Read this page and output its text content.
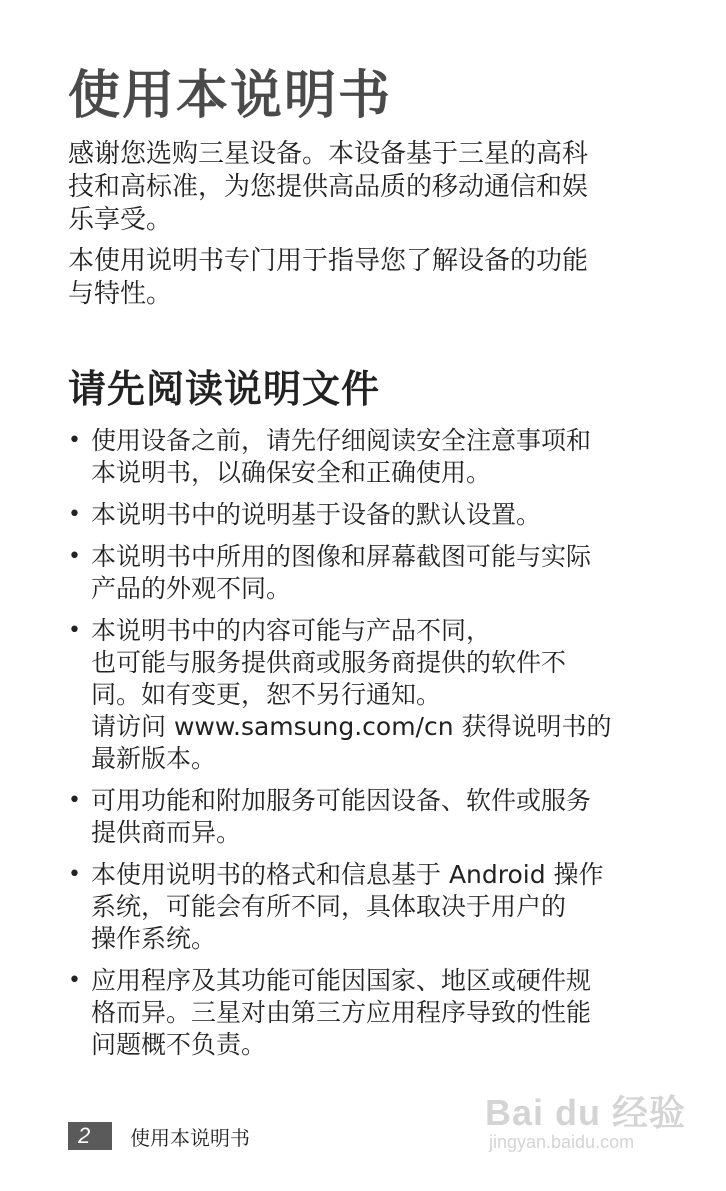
使用本说明书

感谢您选购三星设备。本设备基于三星的高科
技和高标准，为您提供高品质的移动通信和娱
乐享受。

本使用说明书专门用于指导您了解设备的功能
与特性。

请先阅读说明文件
• 使用设备之前，请先仔细阅读安全注意事项和
本说明书，以确保安全和正确使用。
• 本说明书中的说明基于设备的默认设置。
• 本说明书中所用的图像和屏幕截图可能与实际
产品的外观不同。
• 本说明书中的内容可能与产品不同，
也可能与服务提供商或服务商提供的软件不
同。如有变更，恕不另行通知。
请访问 www.samsung.com/cn 获得说明书的
最新版本。
• 可用功能和附加服务可能因设备、软件或服务
提供商而异。
• 本使用说明书的格式和信息基于 Android 操作
系统，可能会有所不同，具体取决于用户的
操作系统。
• 应用程序及其功能可能因国家、地区或硬件规
格而异。三星对由第三方应用程序导致的性能
问题概不负责。
2	使用本说明书
Bai du 经验
jingyan.baidu.com
